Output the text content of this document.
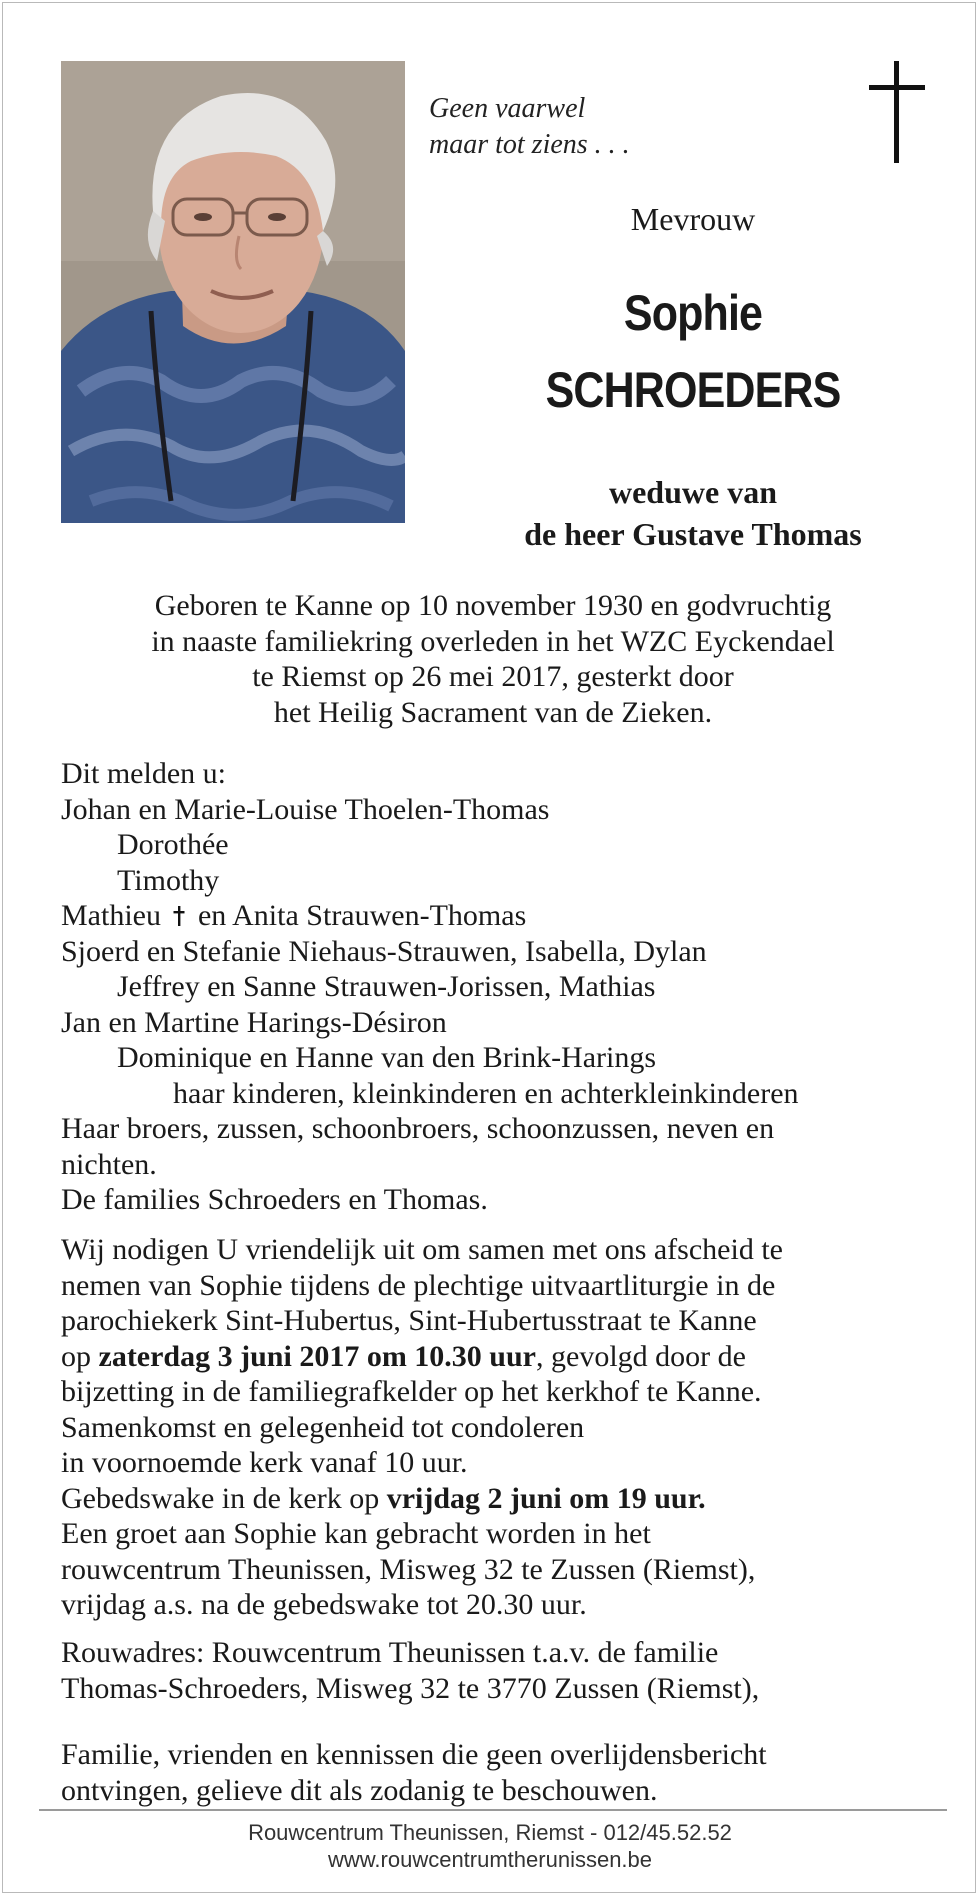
Geen vaarwel
maar tot ziens . . .
Mevrouw
Sophie
SCHROEDERS
weduwe van
de heer Gustave Thomas
Geboren te Kanne op 10 november 1930 en godvruchtig
in naaste familiekring overleden in het WZC Eyckendael
te Riemst op 26 mei 2017, gesterkt door
het Heilig Sacrament van de Zieken.
Dit melden u:
Johan en Marie-Louise Thoelen-Thomas
Dorothée
Timothy
Mathieu en Anita Strauwen-Thomas
Sjoerd en Stefanie Niehaus-Strauwen, Isabella, Dylan
Jeffrey en Sanne Strauwen-Jorissen, Mathias
Jan en Martine Harings-Désiron
Dominique en Hanne van den Brink-Harings
haar kinderen, kleinkinderen en achterkleinkinderen
Haar broers, zussen, schoonbroers, schoonzussen, neven en
nichten.
De families Schroeders en Thomas.
Wij nodigen U vriendelijk uit om samen met ons afscheid te
nemen van Sophie tijdens de plechtige uitvaartliturgie in de
parochiekerk Sint-Hubertus, Sint-Hubertusstraat te Kanne
op zaterdag 3 juni 2017 om 10.30 uur, gevolgd door de
bijzetting in de familiegrafkelder op het kerkhof te Kanne.
Samenkomst en gelegenheid tot condoleren
in voornoemde kerk vanaf 10 uur.
Gebedswake in de kerk op vrijdag 2 juni om 19 uur.
Een groet aan Sophie kan gebracht worden in het
rouwcentrum Theunissen, Misweg 32 te Zussen (Riemst),
vrijdag a.s. na de gebedswake tot 20.30 uur.
Rouwadres: Rouwcentrum Theunissen t.a.v. de familie
Thomas-Schroeders, Misweg 32 te 3770 Zussen (Riemst),
Familie, vrienden en kennissen die geen overlijdensbericht
ontvingen, gelieve dit als zodanig te beschouwen.
Rouwcentrum Theunissen, Riemst - 012/45.52.52
www.rouwcentrumtherunissen.be
